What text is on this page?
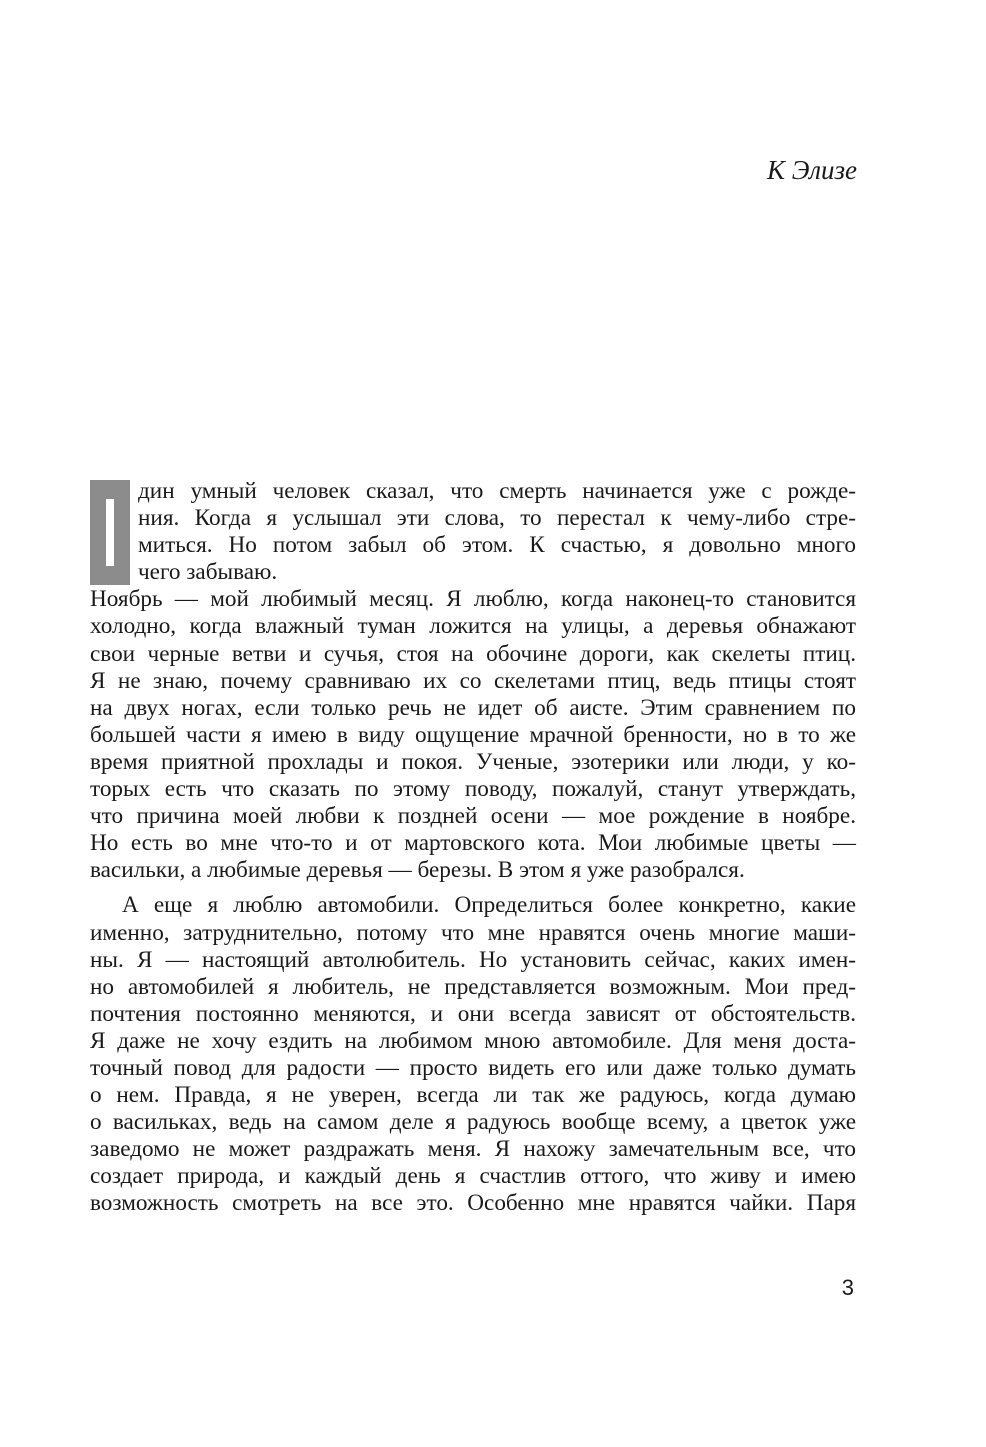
К Элизе
дин умный человек сказал, что смерть начинается уже с рожде-
ния. Когда я услышал эти слова, то перестал к чему-либо стре-
миться. Но потом забыл об этом. К счастью, я довольно много
чего забываю.
Ноябрь — мой любимый месяц. Я люблю, когда наконец-то становится
холодно, когда влажный туман ложится на улицы, а деревья обнажают
свои черные ветви и сучья, стоя на обочине дороги, как скелеты птиц.
Я не знаю, почему сравниваю их со скелетами птиц, ведь птицы стоят
на двух ногах, если только речь не идет об аисте. Этим сравнением по
большей части я имею в виду ощущение мрачной бренности, но в то же
время приятной прохлады и покоя. Ученые, эзотерики или люди, у ко-
торых есть что сказать по этому поводу, пожалуй, станут утверждать,
что причина моей любви к поздней осени — мое рождение в ноябре.
Но есть во мне что-то и от мартовского кота. Мои любимые цветы —
васильки, а любимые деревья — березы. В этом я уже разобрался.
А еще я люблю автомобили. Определиться более конкретно, какие
именно, затруднительно, потому что мне нравятся очень многие маши-
ны. Я — настоящий автолюбитель. Но установить сейчас, каких имен-
но автомобилей я любитель, не представляется возможным. Мои пред-
почтения постоянно меняются, и они всегда зависят от обстоятельств.
Я даже не хочу ездить на любимом мною автомобиле. Для меня доста-
точный повод для радости — просто видеть его или даже только думать
о нем. Правда, я не уверен, всегда ли так же радуюсь, когда думаю
о васильках, ведь на самом деле я радуюсь вообще всему, а цветок уже
заведомо не может раздражать меня. Я нахожу замечательным все, что
создает природа, и каждый день я счастлив оттого, что живу и имею
возможность смотреть на все это. Особенно мне нравятся чайки. Паря
3
